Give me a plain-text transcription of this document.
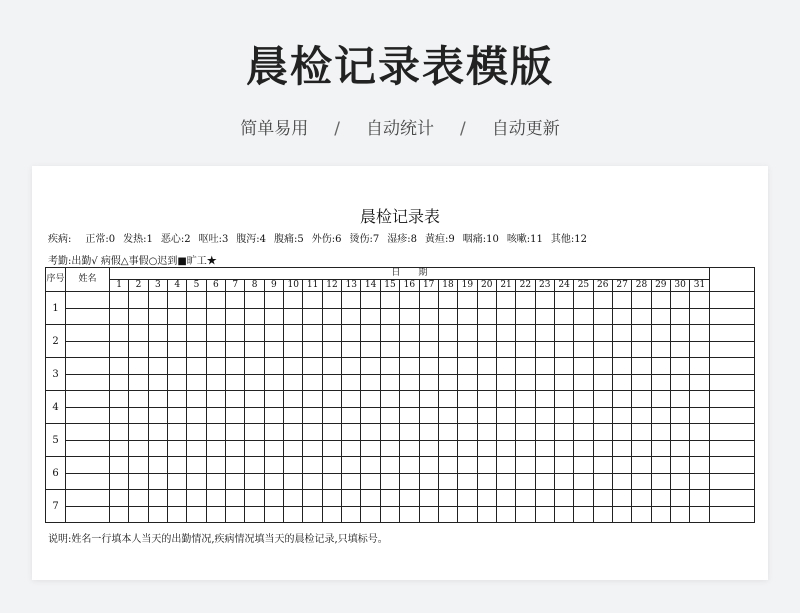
晨检记录表模版
简单易用 / 自动统计 / 自动更新
晨检记录表
疾病: 正常:0 发热:1 恶心:2 呕吐:3 腹泻:4 腹痛:5 外伤:6 烫伤:7 湿疹:8 黄疸:9 咽痛:10 咳嗽:11 其他:12
考勤:出勤√ 病假△事假○迟到■旷工★
序号	姓名	日　　期																															
		1	2	3	4	5	6	7	8	9	10	11	12	13	14	15	16	17	18	19	20	21	22	23	24	25	26	27	28	29	30	31	
1																																	

2																																	

3																																	

4																																	

5																																	

6																																	

7																																	

说明:姓名一行填本人当天的出勤情况,疾病情况填当天的晨检记录,只填标号。
